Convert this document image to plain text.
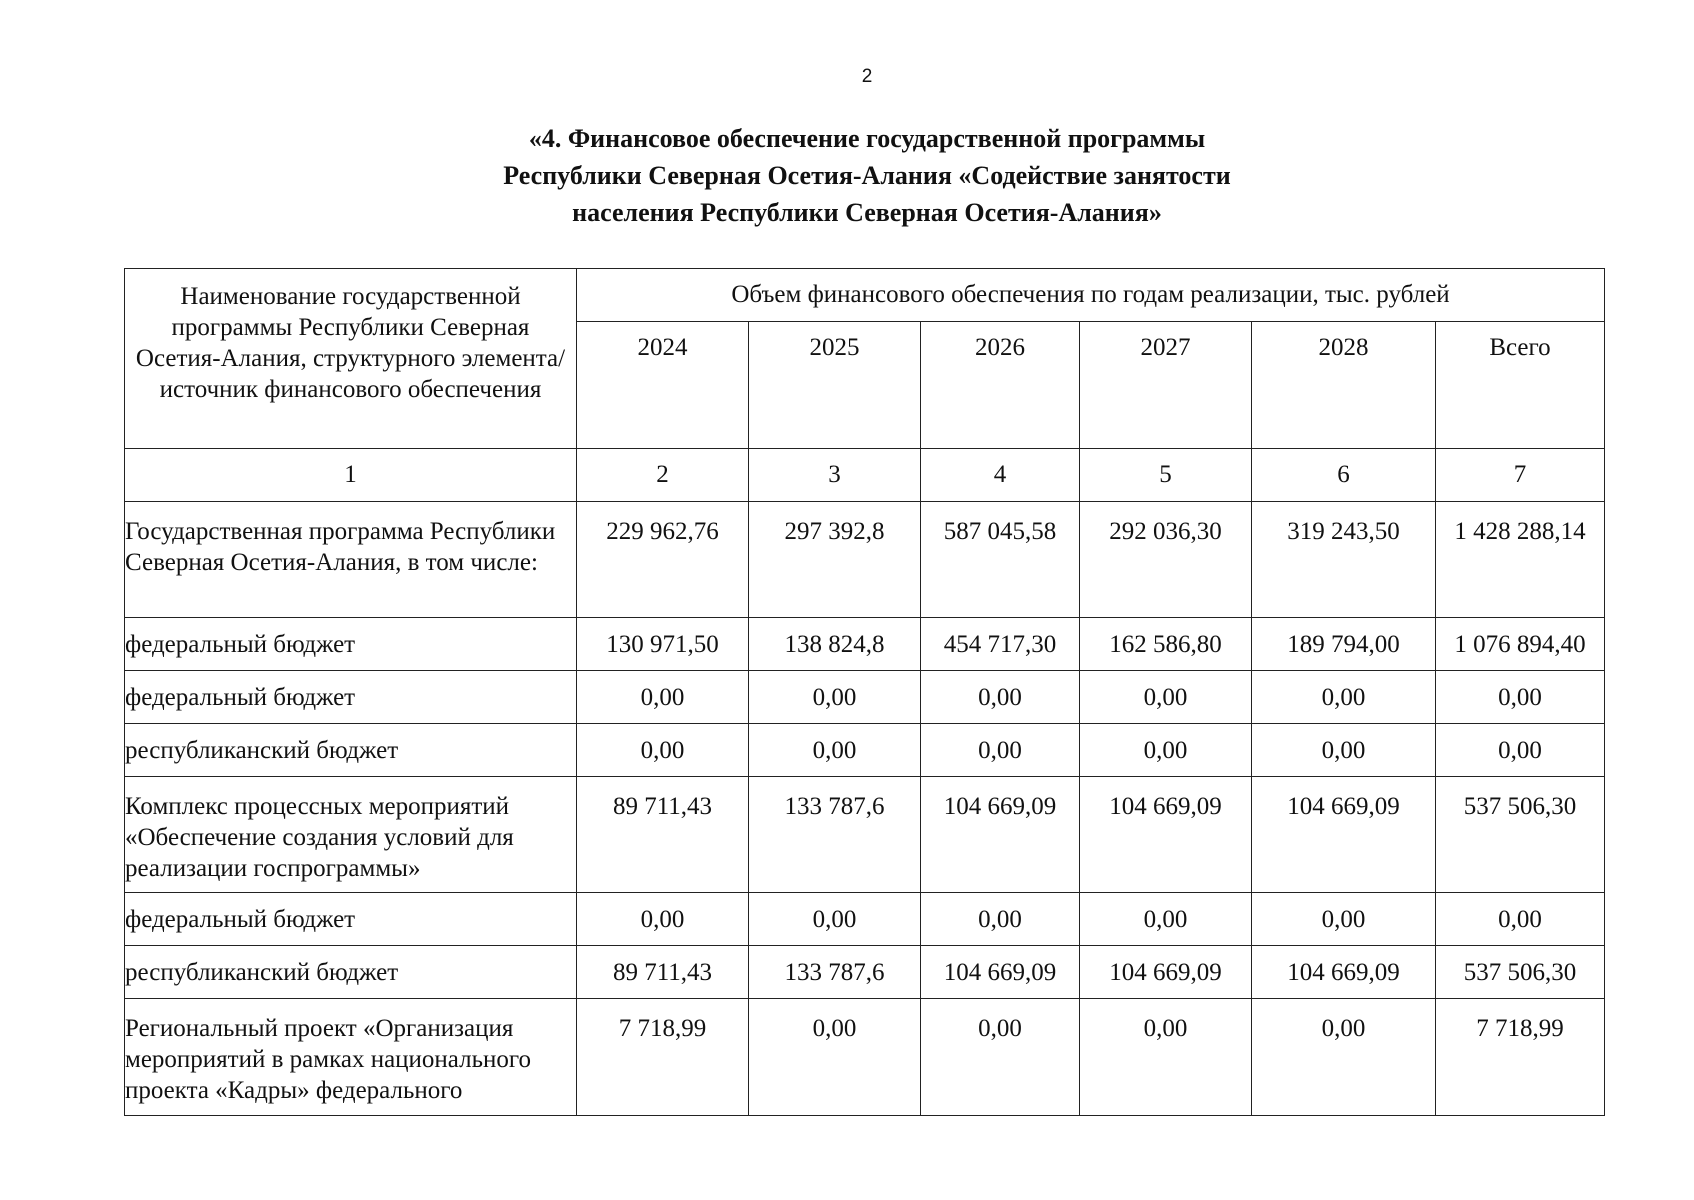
2
«4. Финансовое обеспечение государственной программы
Республики Северная Осетия-Алания «Содействие занятости
населения Республики Северная Осетия-Алания»
Наименование государственной программы Республики Северная Осетия-Алания, структурного элемента/источник финансового обеспечения	Объем финансового обеспечения по годам реализации, тыс. рублей					
	2024	2025	2026	2027	2028	Всего
1	2	3	4	5	6	7
Государственная программа Республики Северная Осетия-Алания, в том числе:	229 962,76	297 392,8	587 045,58	292 036,30	319 243,50	1 428 288,14
федеральный бюджет	130 971,50	138 824,8	454 717,30	162 586,80	189 794,00	1 076 894,40
федеральный бюджет	0,00	0,00	0,00	0,00	0,00	0,00
республиканский бюджет	0,00	0,00	0,00	0,00	0,00	0,00
Комплекс процессных мероприятий «Обеспечение создания условий для реализации госпрограммы»	89 711,43	133 787,6	104 669,09	104 669,09	104 669,09	537 506,30
федеральный бюджет	0,00	0,00	0,00	0,00	0,00	0,00
республиканский бюджет	89 711,43	133 787,6	104 669,09	104 669,09	104 669,09	537 506,30
Региональный проект «Организация мероприятий в рамках национального проекта «Кадры» федерального	7 718,99	0,00	0,00	0,00	0,00	7 718,99
